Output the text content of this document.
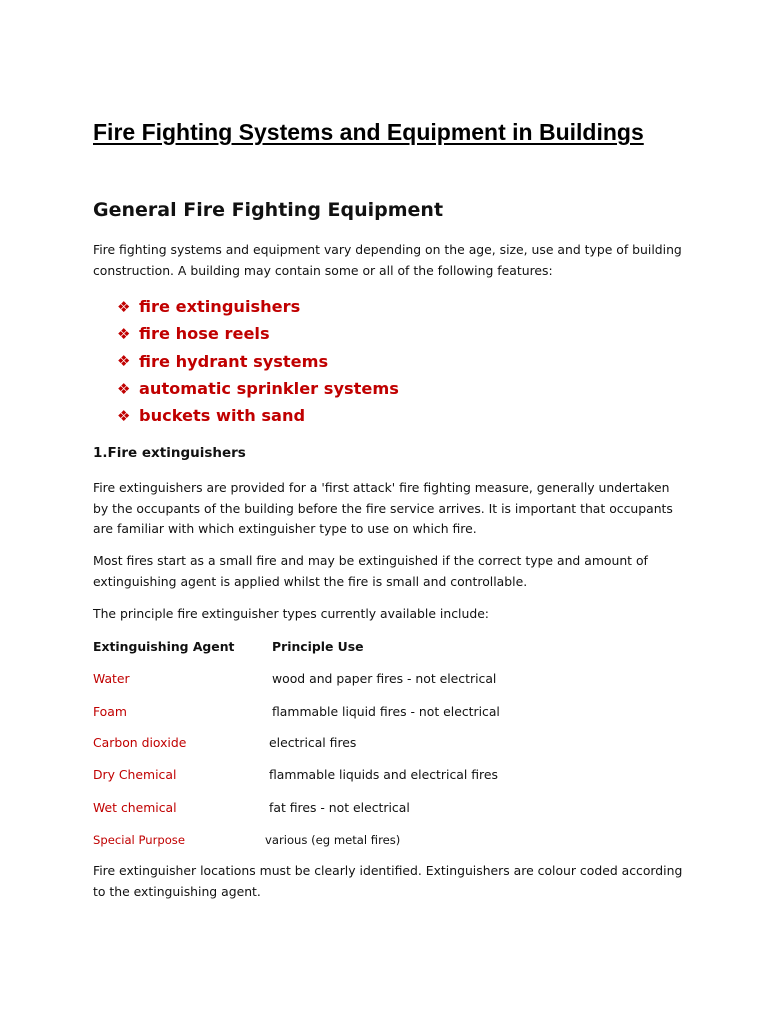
Fire Fighting Systems and Equipment in Buildings
General Fire Fighting Equipment

Fire fighting systems and equipment vary depending on the age, size, use and type of building construction. A building may contain some or all of the following features:

❖ fire extinguishers
❖ fire hose reels
❖ fire hydrant systems
❖ automatic sprinkler systems
❖ buckets with sand
1.Fire extinguishers

Fire extinguishers are provided for a 'first attack' fire fighting measure, generally undertaken by the occupants of the building before the fire service arrives. It is important that occupants are familiar with which extinguisher type to use on which fire.

Most fires start as a small fire and may be extinguished if the correct type and amount of extinguishing agent is applied whilst the fire is small and controllable.

The principle fire extinguisher types currently available include:

Extinguishing Agent	Principle Use
Water	wood and paper fires - not electrical
Foam	flammable liquid fires - not electrical
Carbon dioxide	electrical fires
Dry Chemical	flammable liquids and electrical fires
Wet chemical	fat fires - not electrical
Special Purpose	various (eg metal fires)

Fire extinguisher locations must be clearly identified. Extinguishers are colour coded according to the extinguishing agent.
